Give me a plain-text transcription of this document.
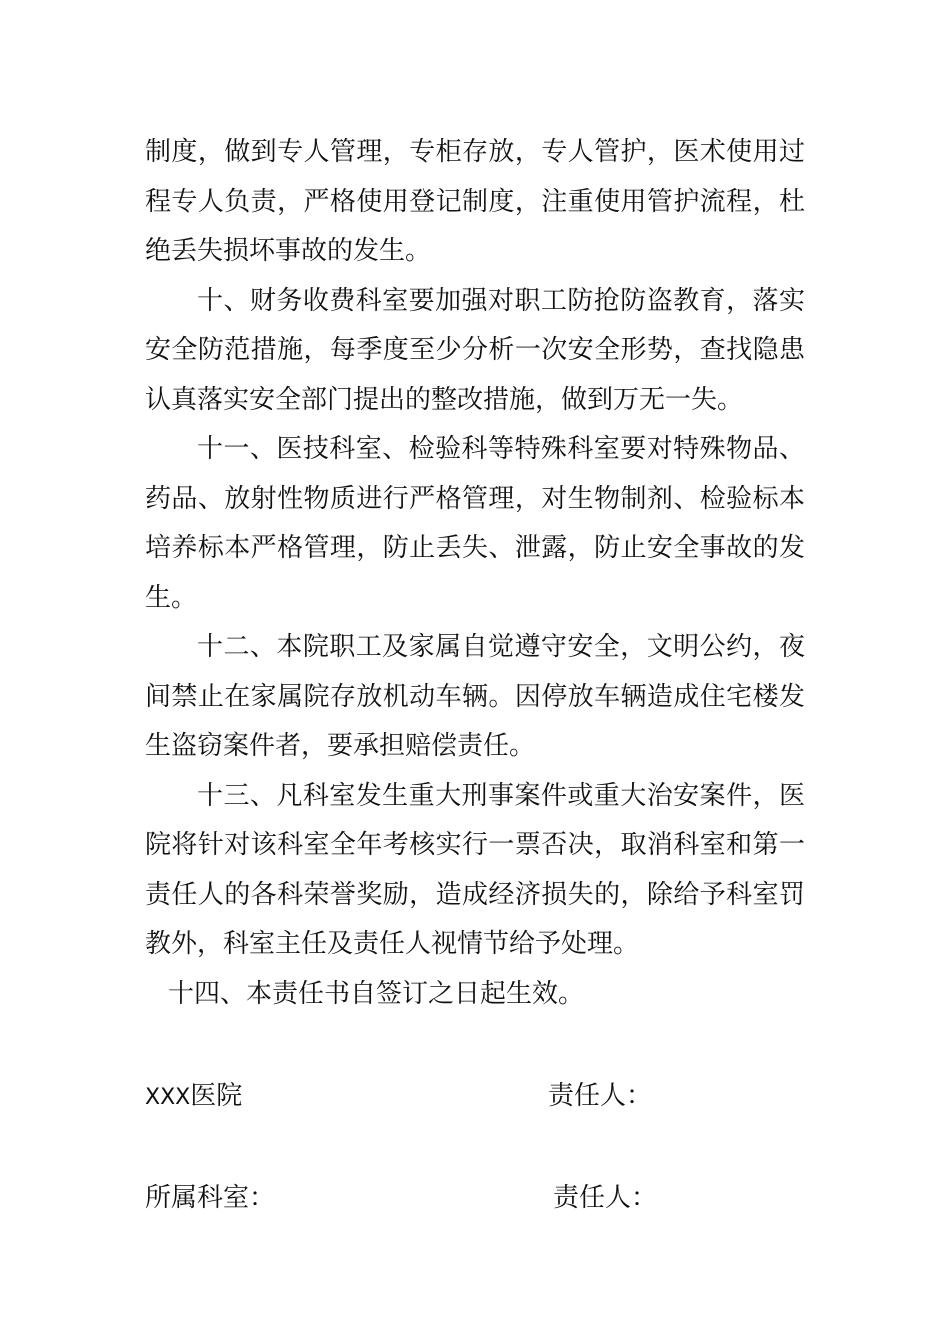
制度，做到专人管理，专柜存放，专人管护，医术使用过
程专人负责，严格使用登记制度，注重使用管护流程，杜
绝丢失损坏事故的发生。
十、财务收费科室要加强对职工防抢防盗教育，落实
安全防范措施，每季度至少分析一次安全形势，查找隐患
认真落实安全部门提出的整改措施，做到万无一失。
十一、医技科室、检验科等特殊科室要对特殊物品、
药品、放射性物质进行严格管理，对生物制剂、检验标本
培养标本严格管理，防止丢失、泄露，防止安全事故的发
生。
十二、本院职工及家属自觉遵守安全，文明公约，夜
间禁止在家属院存放机动车辆。因停放车辆造成住宅楼发
生盗窃案件者，要承担赔偿责任。
十三、凡科室发生重大刑事案件或重大治安案件，医
院将针对该科室全年考核实行一票否决，取消科室和第一
责任人的各科荣誉奖励，造成经济损失的，除给予科室罚
教外，科室主任及责任人视情节给予处理。
十四、本责任书自签订之日起生效。
XXX医院	责任人：
所属科室：	责任人：
